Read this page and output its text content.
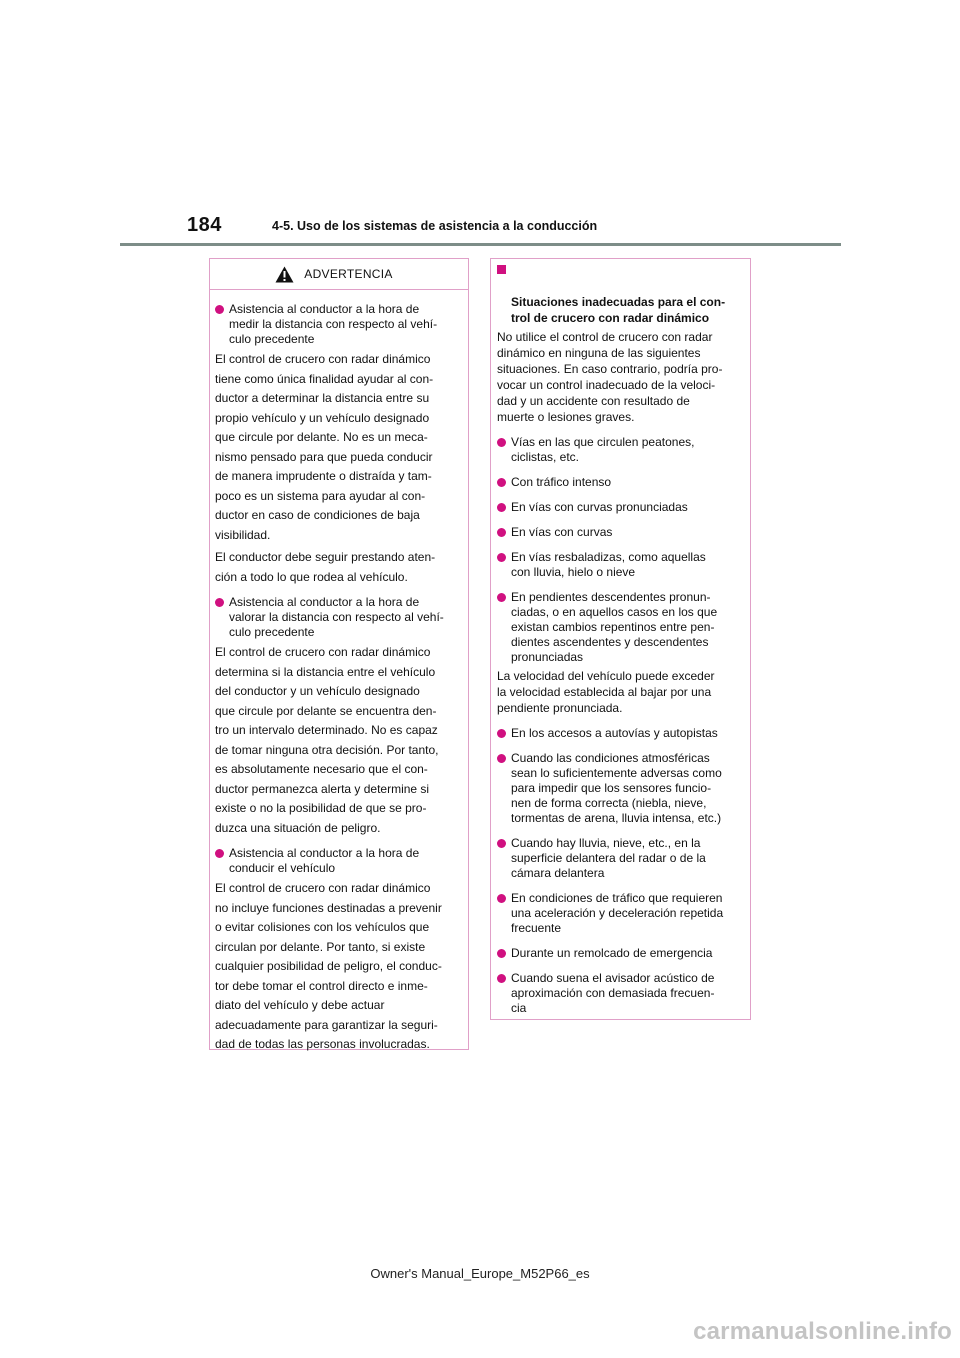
184	4-5. Uso de los sistemas de asistencia a la conducción
ADVERTENCIA
Asistencia al conductor a la hora de
medir la distancia con respecto al vehí-
culo precedente
El control de crucero con radar dinámico
tiene como única finalidad ayudar al con-
ductor a determinar la distancia entre su
propio vehículo y un vehículo designado
que circule por delante. No es un meca-
nismo pensado para que pueda conducir
de manera imprudente o distraída y tam-
poco es un sistema para ayudar al con-
ductor en caso de condiciones de baja
visibilidad.
El conductor debe seguir prestando aten-
ción a todo lo que rodea al vehículo.
Asistencia al conductor a la hora de
valorar la distancia con respecto al vehí-
culo precedente
El control de crucero con radar dinámico
determina si la distancia entre el vehículo
del conductor y un vehículo designado
que circule por delante se encuentra den-
tro un intervalo determinado. No es capaz
de tomar ninguna otra decisión. Por tanto,
es absolutamente necesario que el con-
ductor permanezca alerta y determine si
existe o no la posibilidad de que se pro-
duzca una situación de peligro.
Asistencia al conductor a la hora de
conducir el vehículo
El control de crucero con radar dinámico
no incluye funciones destinadas a prevenir
o evitar colisiones con los vehículos que
circulan por delante. Por tanto, si existe
cualquier posibilidad de peligro, el conduc-
tor debe tomar el control directo e inme-
diato del vehículo y debe actuar
adecuadamente para garantizar la seguri-
dad de todas las personas involucradas.

Situaciones inadecuadas para el con-
trol de crucero con radar dinámico

No utilice el control de crucero con radar
dinámico en ninguna de las siguientes
situaciones. En caso contrario, podría pro-
vocar un control inadecuado de la veloci-
dad y un accidente con resultado de
muerte o lesiones graves.
Vías en las que circulen peatones,
ciclistas, etc.
Con tráfico intenso
En vías con curvas pronunciadas
En vías con curvas
En vías resbaladizas, como aquellas
con lluvia, hielo o nieve
En pendientes descendentes pronun-
ciadas, o en aquellos casos en los que
existan cambios repentinos entre pen-
dientes ascendentes y descendentes
pronunciadas
La velocidad del vehículo puede exceder
la velocidad establecida al bajar por una
pendiente pronunciada.
En los accesos a autovías y autopistas
Cuando las condiciones atmosféricas
sean lo suficientemente adversas como
para impedir que los sensores funcio-
nen de forma correcta (niebla, nieve,
tormentas de arena, lluvia intensa, etc.)
Cuando hay lluvia, nieve, etc., en la
superficie delantera del radar o de la
cámara delantera
En condiciones de tráfico que requieren
una aceleración y deceleración repetida
frecuente
Durante un remolcado de emergencia
Cuando suena el avisador acústico de
aproximación con demasiada frecuen-
cia
Owner's Manual_Europe_M52P66_es
carmanualsonline.info
